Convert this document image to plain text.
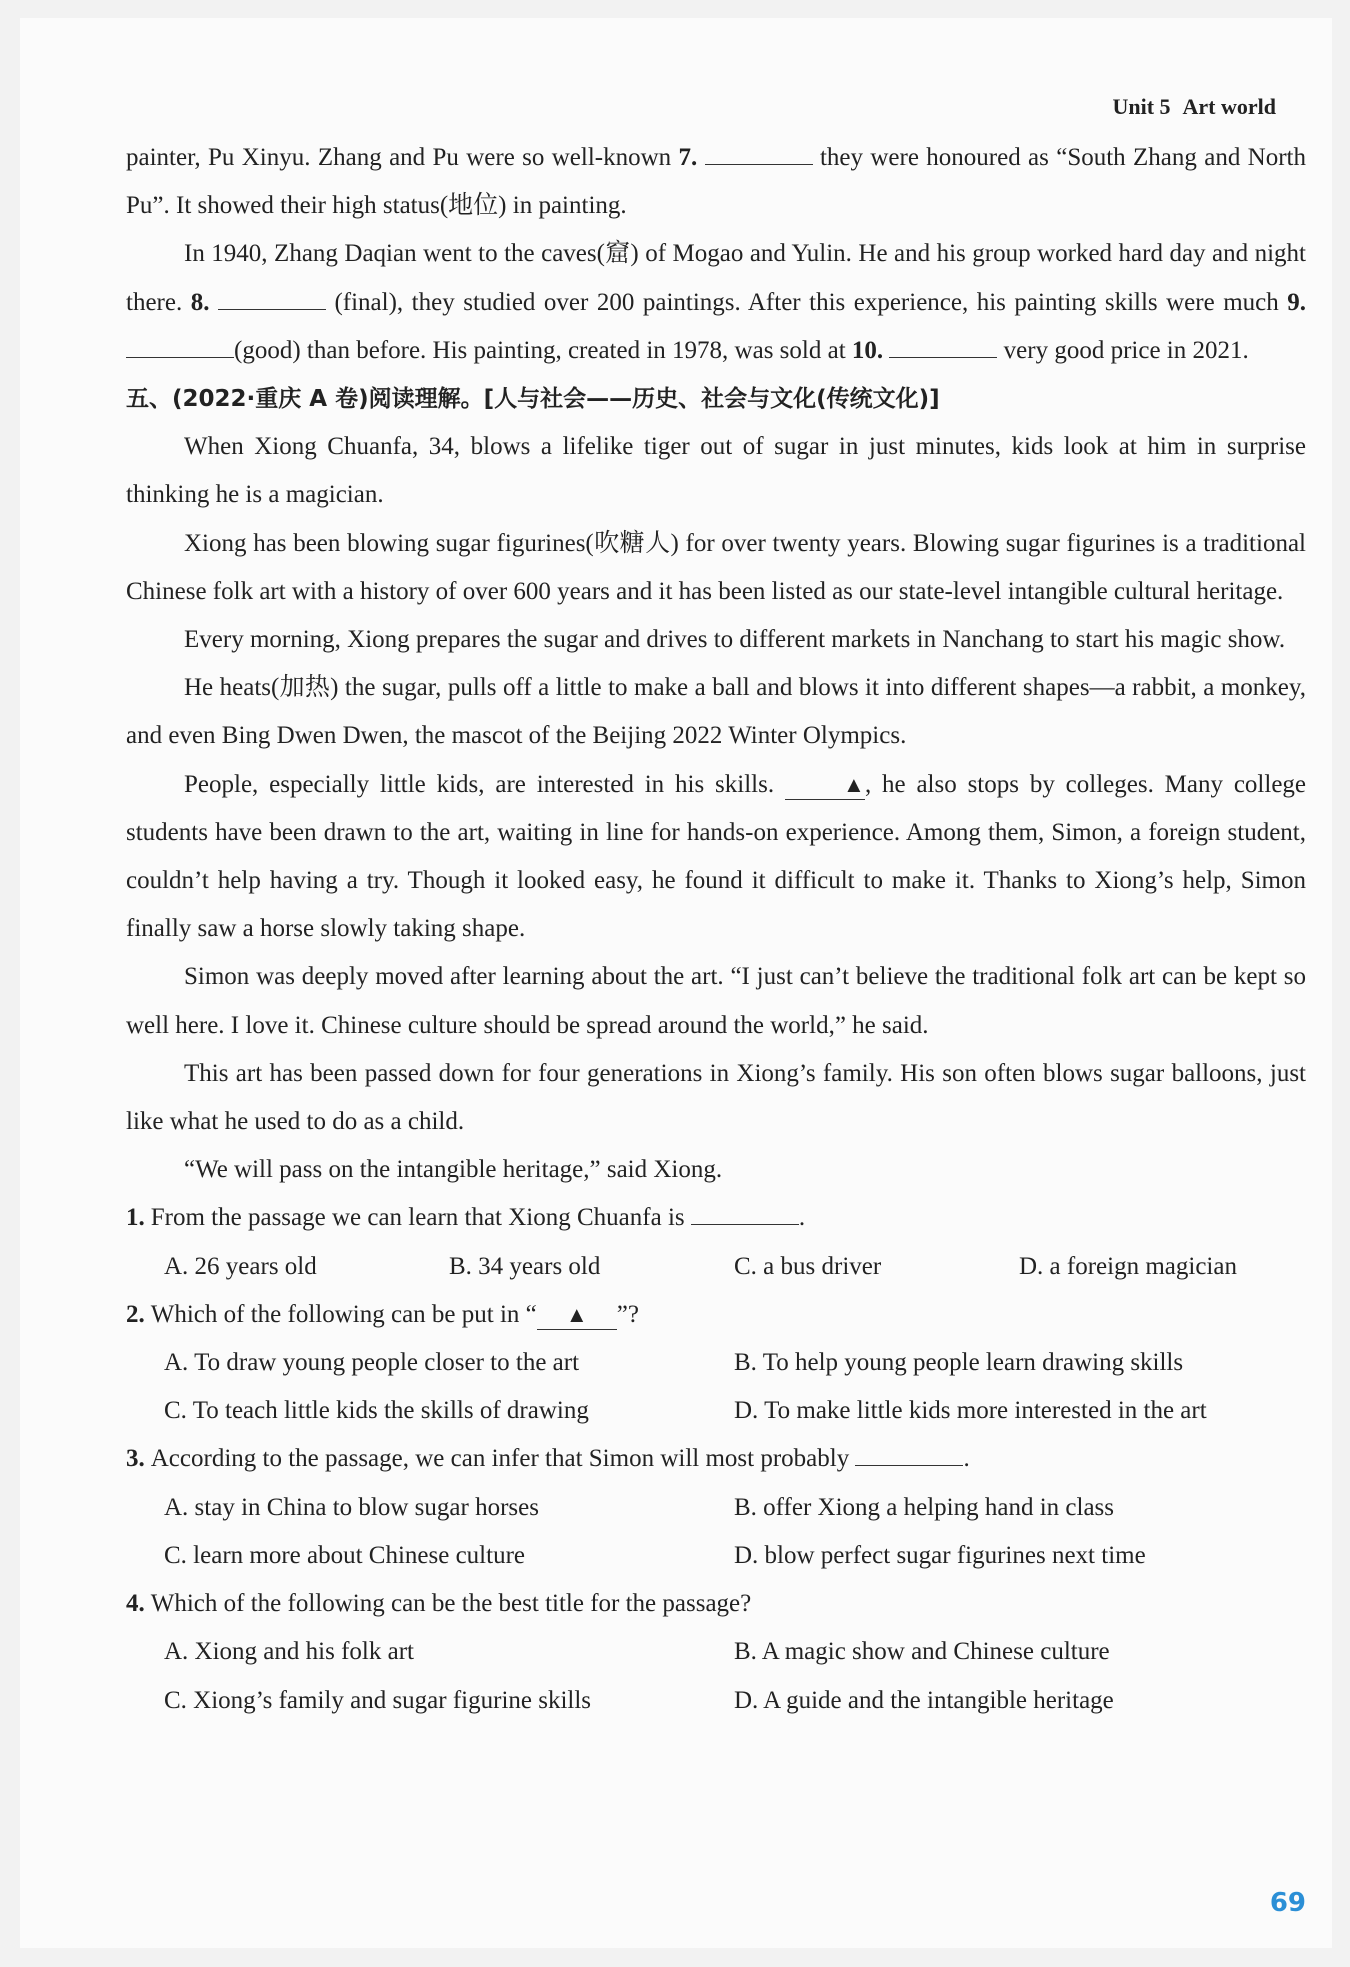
Unit 5 Art world

painter, Pu Xinyu. Zhang and Pu were so well-known 7.	they were honoured as “South Zhang and North Pu”. It showed their high status(地位) in painting.

In 1940, Zhang Daqian went to the caves(窟) of Mogao and Yulin. He and his group worked hard day and night there. 8.	(final), they studied over 200 paintings. After this experience, his painting skills were much 9. (good) than before. His painting, created in 1978, was sold at 10.	very good price in 2021.

五、(2022·重庆 A 卷)阅读理解。[人与社会——历史、社会与文化(传统文化)]

When Xiong Chuanfa, 34, blows a lifelike tiger out of sugar in just minutes, kids look at him in surprise thinking he is a magician.

Xiong has been blowing sugar figurines(吹糖人) for over twenty years. Blowing sugar figurines is a traditional Chinese folk art with a history of over 600 years and it has been listed as our state-level intangible cultural heritage.

Every morning, Xiong prepares the sugar and drives to different markets in Nanchang to start his magic show.

He heats(加热) the sugar, pulls off a little to make a ball and blows it into different shapes—a rabbit, a monkey, and even Bing Dwen Dwen, the mascot of the Beijing 2022 Winter Olympics.

People, especially little kids, are interested in his skills.	▲, he also stops by colleges. Many college students have been drawn to the art, waiting in line for hands-on experience. Among them, Simon, a foreign student, couldn’t help having a try. Though it looked easy, he found it difficult to make it. Thanks to Xiong’s help, Simon finally saw a horse slowly taking shape.

Simon was deeply moved after learning about the art. “I just can’t believe the traditional folk art can be kept so well here. I love it. Chinese culture should be spread around the world,” he said.

This art has been passed down for four generations in Xiong’s family. His son often blows sugar balloons, just like what he used to do as a child.

“We will pass on the intangible heritage,” said Xiong.

1. From the passage we can learn that Xiong Chuanfa is	.

A. 26 years old	B. 34 years old	C. a bus driver	D. a foreign magician

2. Which of the following can be put in “ ▲ ”?

A. To draw young people closer to the art	B. To help young people learn drawing skills
C. To teach little kids the skills of drawing	D. To make little kids more interested in the art

3. According to the passage, we can infer that Simon will most probably	.

A. stay in China to blow sugar horses	B. offer Xiong a helping hand in class
C. learn more about Chinese culture	D. blow perfect sugar figurines next time

4. Which of the following can be the best title for the passage?

A. Xiong and his folk art	B. A magic show and Chinese culture
C. Xiong’s family and sugar figurine skills	D. A guide and the intangible heritage
69
